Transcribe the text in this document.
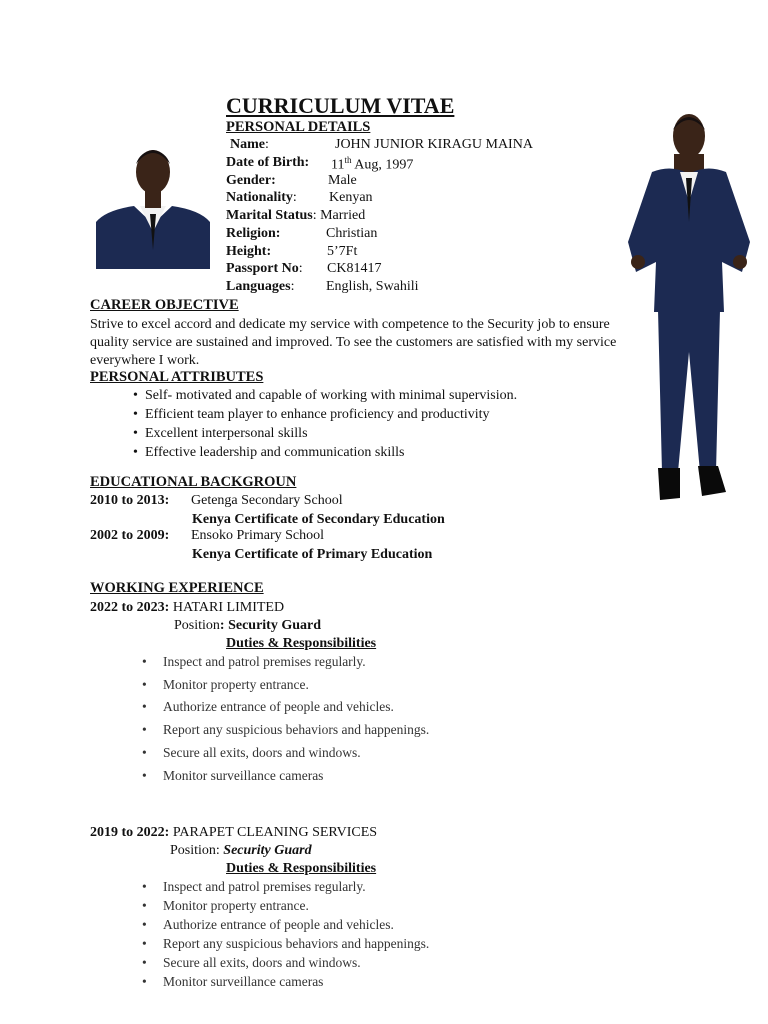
CURRICULUM VITAE
PERSONAL DETAILS
Name:	JOHN JUNIOR KIRAGU MAINA
Date of Birth: 11th Aug, 1997
Gender:	Male
Nationality: Kenyan
Marital Status: Married
Religion:	Christian
Height:	5’7Ft
Passport No: CK81417
Languages: English, Swahili
CAREER OBJECTIVE
Strive to excel accord and dedicate my service with competence to the Security job to ensure quality service are sustained and improved. To see the customers are satisfied with my service everywhere I work.
PERSONAL ATTRIBUTES
• Self- motivated and capable of working with minimal supervision.
• Efficient team player to enhance proficiency and productivity
• Excellent interpersonal skills
• Effective leadership and communication skills
EDUCATIONAL BACKGROUN
2010 to 2013: Getenga Secondary School
Kenya Certificate of Secondary Education
2002 to 2009: Ensoko Primary School
Kenya Certificate of Primary Education
WORKING EXPERIENCE
2022 to 2023: HATARI LIMITED
Position: Security Guard
Duties & Responsibilities
• Inspect and patrol premises regularly.
• Monitor property entrance.
• Authorize entrance of people and vehicles.
• Report any suspicious behaviors and happenings.
• Secure all exits, doors and windows.
• Monitor surveillance cameras
2019 to 2022: PARAPET CLEANING SERVICES
Position: Security Guard
Duties & Responsibilities
• Inspect and patrol premises regularly.
• Monitor property entrance.
• Authorize entrance of people and vehicles.
• Report any suspicious behaviors and happenings.
• Secure all exits, doors and windows.
• Monitor surveillance cameras
